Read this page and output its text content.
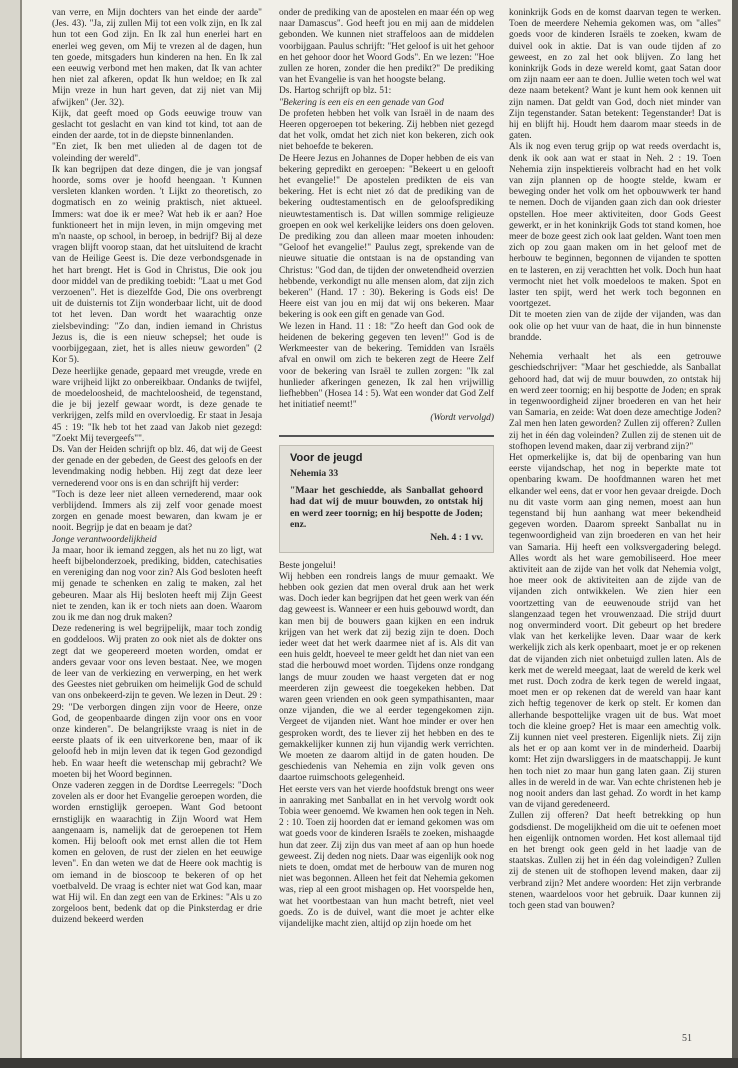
van verre, en Mijn dochters van het einde der aarde" (Jes. 43). "Ja, zij zullen Mij tot een volk zijn, en Ik zal hun tot een God zijn. En Ik zal hun enerlei hart en enerlei weg geven, om Mij te vrezen al de dagen, hun ten goede, mitsgaders hun kinderen na hen. En Ik zal een eeuwig verbond met hen maken, dat Ik van achter hen niet zal afkeren, opdat Ik hun weldoe; en Ik zal Mijn vreze in hun hart geven, dat zij niet van Mij afwijken" (Jer. 32).

Kijk, dat geeft moed op Gods eeuwige trouw van geslacht tot geslacht en van kind tot kind, tot aan de einden der aarde, tot in de diepste binnenlanden.

"En ziet, Ik ben met ulieden al de dagen tot de voleinding der wereld".

Ik kan begrijpen dat deze dingen, die je van jongsaf hoorde, soms over je hoofd heengaan. 't Kunnen versleten klanken worden. 't Lijkt zo theoretisch, zo dogmatisch en zo weinig praktisch, niet aktueel. Immers: wat doe ik er mee? Wat heb ik er aan? Hoe funktioneert het in mijn leven, in mijn omgeving met m'n naaste, op school, in beroep, in bedrijf? Bij al deze vragen blijft voorop staan, dat het uitsluitend de kracht van de Heilige Geest is. Die deze verbondsgenade in het hart brengt. Het is God in Christus, Die ook jou door middel van de prediking toebidt: "Laat u met God verzoenen". Het is diezelfde God, Die ons overbrengt uit de duisternis tot Zijn wonderbaar licht, uit de dood tot het leven. Dan wordt het waarachtig onze zielsbevinding: "Zo dan, indien iemand in Christus Jezus is, die is een nieuw schepsel; het oude is voorbijgegaan, ziet, het is alles nieuw geworden" (2 Kor 5).

Deze heerlijke genade, gepaard met vreugde, vrede en ware vrijheid lijkt zo onbereikbaar. Ondanks de twijfel, de moedeloosheid, de machteloosheid, de tegenstand, die je bij jezelf gewaar wordt, is deze genade te verkrijgen, zelfs mild en overvloedig. Er staat in Jesaja 45 : 19: "Ik heb tot het zaad van Jakob niet gezegd: "Zoekt Mij tevergeefs"".

Ds. Van der Heiden schrijft op blz. 46, dat wij de Geest der genade en der gebeden, de Geest des geloofs en der levendmaking nodig hebben. Hij zegt dat deze leer vernederend voor ons is en dan schrijft hij verder:

"Toch is deze leer niet alleen vernederend, maar ook verblijdend. Immers als zij zelf voor genade moest zorgen en genade moest bewaren, dan kwam je er nooit. Begrijp je dat en beaam je dat?

Jonge verantwoordelijkheid

Ja maar, hoor ik iemand zeggen, als het nu zo ligt, wat heeft bijbelonderzoek, prediking, bidden, catechisaties en vereniging dan nog voor zin? Als God besloten heeft mij genade te schenken en zalig te maken, zal het gebeuren. Maar als Hij besloten heeft mij Zijn Geest niet te zenden, kan ik er toch niets aan doen. Waarom zou ik me dan nog druk maken?

Deze redenering is wel begrijpelijk, maar toch zondig en goddeloos. Wij praten zo ook niet als de dokter ons zegt dat we geopereerd moeten worden, omdat er anders gevaar voor ons leven bestaat. Nee, we mogen de leer van de verkiezing en verwerping, en het werk des Geestes niet gebruiken om heimelijk God de schuld van ons onbekeerd-zijn te geven. We lezen in Deut. 29 : 29: "De verborgen dingen zijn voor de Heere, onze God, de geopenbaarde dingen zijn voor ons en voor onze kinderen". De belangrijkste vraag is niet in de eerste plaats of ik een uitverkorene ben, maar of ik geloofd heb in mijn leven dat ik tegen God gezondigd heb. En waar heeft die wetenschap mij gebracht? We moeten bij het Woord beginnen.

Onze vaderen zeggen in de Dordtse Leerregels: "Doch zovelen als er door het Evangelie geroepen worden, die worden ernstiglijk geroepen. Want God betoont ernstiglijk en waarachtig in Zijn Woord wat Hem aangenaam is, namelijk dat de geroepenen tot Hem komen. Hij belooft ook met ernst allen die tot Hem komen en geloven, de rust der zielen en het eeuwige leven". En dan weten we dat de Heere ook machtig is om iemand in de bioscoop te bekeren of op het voetbalveld. De vraag is echter niet wat God kan, maar wat Hij wil. En dan zegt een van de Erkines: "Als u zo zorgeloos bent, bedenk dat op die Pinksterdag er drie duizend bekeerd werden

onder de prediking van de apostelen en maar één op weg naar Damascus". God heeft jou en mij aan de middelen gebonden. We kunnen niet straffeloos aan de middelen voorbijgaan. Paulus schrijft: "Het geloof is uit het gehoor en het gehoor door het Woord Gods". En we lezen: "Hoe zullen ze horen, zonder die hen predikt?" De prediking van het Evangelie is van het hoogste belang.

Ds. Hartog schrijft op blz. 51:

"Bekering is een eis en een genade van God

De profeten hebben het volk van Israël in de naam des Heeren opgeroepen tot bekering. Zij hebben niet gezegd dat het volk, omdat het zich niet kon bekeren, zich ook niet behoefde te bekeren.

De Heere Jezus en Johannes de Doper hebben de eis van bekering gepredikt en geroepen: "Bekeert u en gelooft het evangelie!" De apostelen predikten de eis van bekering. Het is echt niet zó dat de prediking van de bekering oudtestamentisch en de geloofsprediking nieuwtestamentisch is. Dat willen sommige religieuze groepen en ook wel kerkelijke leiders ons doen geloven. De prediking zou dan alleen maar moeten inhouden: "Geloof het evangelie!" Paulus zegt, sprekende van de nieuwe situatie die ontstaan is na de opstanding van Christus: "God dan, de tijden der onwetendheid overzien hebbende, verkondigt nu alle mensen alom, dat zijn zich bekeren" (Hand. 17 : 30). Bekering is Gods eis! De Heere eist van jou en mij dat wij ons bekeren. Maar bekering is ook een gift en genade van God.

We lezen in Hand. 11 : 18: "Zo heeft dan God ook de heidenen de bekering gegeven ten leven!" God is de Werkmeester van de bekering. Temidden van Israëls afval en onwil om zich te bekeren zegt de Heere Zelf voor de bekering van Israël te zullen zorgen: "Ik zal hunlieder afkeringen genezen, Ik zal hen vrijwillig liefhebben" (Hosea 14 : 5). Wat een wonder dat God Zelf het initiatief neemt!"

(Wordt vervolgd)

Voor de jeugd
Nehemia 33
"Maar het geschiedde, als Sanballat gehoord had dat wij de muur bouwden, zo ontstak hij en werd zeer toornig; en hij bespotte de Joden; enz.
Neh. 4 : 1 vv.

Beste jongelui!

Wij hebben een rondreis langs de muur gemaakt. We hebben ook gezien dat men overal druk aan het werk was. Doch ieder kan begrijpen dat het geen werk van één dag geweest is. Wanneer er een huis gebouwd wordt, dan kan men bij de bouwers gaan kijken en een indruk krijgen van het werk dat zij bezig zijn te doen. Doch ieder weet dat het werk daarmee niet af is. Als dit van een huis geldt, hoeveel te meer geldt het dan niet van een stad die herbouwd moet worden. Tijdens onze rondgang langs de muur zouden we haast vergeten dat er nog meerderen zijn geweest die toegekeken hebben. Dat waren geen vrienden en ook geen sympathisanten, maar onze vijanden, die we al eerder tegengekomen zijn. Vergeet de vijanden niet. Want hoe minder er over hen gesproken wordt, des te liever zij het hebben en des te gemakkelijker kunnen zij hun vijandig werk verrichten. We moeten ze daarom altijd in de gaten houden. De geschiedenis van Nehemia en zijn volk geven ons daartoe ruimschoots gelegenheid.

Het eerste vers van het vierde hoofdstuk brengt ons weer in aanraking met Sanballat en in het vervolg wordt ook Tobia weer genoemd. We kwamen hen ook tegen in Neh. 2 : 10. Toen zij hoorden dat er iemand gekomen was om wat goeds voor de kinderen Israëls te zoeken, mishaagde hun dat zeer. Zij zijn dus van meet af aan op hun hoede geweest. Zij deden nog niets. Daar was eigenlijk ook nog niets te doen, omdat met de herbouw van de muren nog niet was begonnen. Alleen het feit dat Nehemia gekomen was, riep al een groot mishagen op. Het voorspelde hen, wat het voortbestaan van hun macht betreft, niet veel goeds. Zo is de duivel, want die moet je achter elke vijandelijke macht zien, altijd op zijn hoede om het

koninkrijk Gods en de komst daarvan tegen te werken. Toen de meerdere Nehemia gekomen was, om "alles" goeds voor de kinderen Israëls te zoeken, kwam de duivel ook in aktie. Dat is van oude tijden af zo geweest, en zo zal het ook blijven. Zo lang het koninkrijk Gods in deze wereld komt, gaat Satan door om zijn naam eer aan te doen. Jullie weten toch wel wat deze naam betekent? Want je kunt hem ook kennen uit zijn namen. Dat geldt van God, doch niet minder van Zijn tegenstander. Satan betekent: Tegenstander! Dat is hij en blijft hij. Houdt hem daarom maar steeds in de gaten.

Als ik nog even terug grijp op wat reeds overdacht is, denk ik ook aan wat er staat in Neh. 2 : 19. Toen Nehemia zijn inspektiereis volbracht had en het volk van zijn plannen op de hoogte stelde, kwam er beweging onder het volk om het opbouwwerk ter hand te nemen. Doch de vijanden gaan zich dan ook driester opstellen. Hoe meer aktiviteiten, door Gods Geest gewerkt, er in het koninkrijk Gods tot stand komen, hoe meer de boze geest zich ook laat gelden. Want toen men zich op zou gaan maken om in het geloof met de herbouw te beginnen, begonnen de vijanden te spotten en te lasteren, en zij verachtten het volk. Doch hun haat vermocht niet het volk moedeloos te maken. Spot en laster ten spijt, werd het werk toch begonnen en voortgezet.

Dit te moeten zien van de zijde der vijanden, was dan ook olie op het vuur van de haat, die in hun binnenste brandde.

Nehemia verhaalt het als een getrouwe geschiedschrijver: "Maar het geschiedde, als Sanballat gehoord had, dat wij de muur bouwden, zo ontstak hij en werd zeer toornig; en hij bespotte de Joden; en sprak in tegenwoordigheid zijner broederen en van het heir van Samaria, en zeide: Wat doen deze amechtige Joden? Zal men hen laten geworden? Zullen zij offeren? Zullen zij het in één dag voleinden? Zullen zij de stenen uit de stofhopen levend maken, daar zij verbrand zijn?"

Het opmerkelijke is, dat bij de openbaring van hun eerste vijandschap, het nog in beperkte mate tot openbaring kwam. De hoofdmannen waren het met elkander wel eens, dat er voor hen gevaar dreigde. Doch nu dit vaste vorm aan ging nemen, moest aan hun tegenstand bij hun aanhang wat meer bekendheid gegeven worden. Daarom spreekt Sanballat nu in tegenwoordigheid van zijn broederen en van het heir van Samaria. Hij heeft een volksvergadering belegd. Alles wordt als het ware gemobiliseerd. Hoe meer aktiviteit aan de zijde van het volk dat Nehemia volgt, hoe meer ook de aktiviteiten aan de zijde van de vijanden zich ontwikkelen. We zien hier een voortzetting van de eeuwenoude strijd van het slangenzaad tegen het vrouwenzaad. Die strijd duurt nog onverminderd voort. Dit gebeurt op het bredere vlak van het kerkelijke leven. Daar waar de kerk werkelijk zich als kerk openbaart, moet je er op rekenen dat de vijanden zich niet onbetuigd zullen laten. Als de kerk met de wereld meegaat, laat de wereld de kerk wel met rust. Doch zodra de kerk tegen de wereld ingaat, moet men er op rekenen dat de wereld van haar kant zich heftig tegenover de kerk op stelt. Er komen dan allerhande bespottelijke vragen uit de bus. Wat moet toch die kleine groep? Het is maar een amechtig volk. Zij kunnen niet veel presteren. Eigenlijk niets. Zij zijn als het er op aan komt ver in de minderheid. Daarbij komt: Het zijn dwarsliggers in de maatschappij. Je kunt hen toch niet zo maar hun gang laten gaan. Zij sturen alles in de wereld in de war. Van echte christenen heb je nog nooit anders dan last gehad. Zo wordt in het kamp van de vijand geredeneerd.

Zullen zij offeren? Dat heeft betrekking op hun godsdienst. De mogelijkheid om die uit te oefenen moet hen eigenlijk ontnomen worden. Het kost allemaal tijd en het brengt ook geen geld in het laadje van de staatskas. Zullen zij het in één dag voleindigen? Zullen zij de stenen uit de stofhopen levend maken, daar zij verbrand zijn? Met andere woorden: Het zijn verbrande stenen, waardeloos voor het gebruik. Daar kunnen zij toch geen stad van bouwen?

51
